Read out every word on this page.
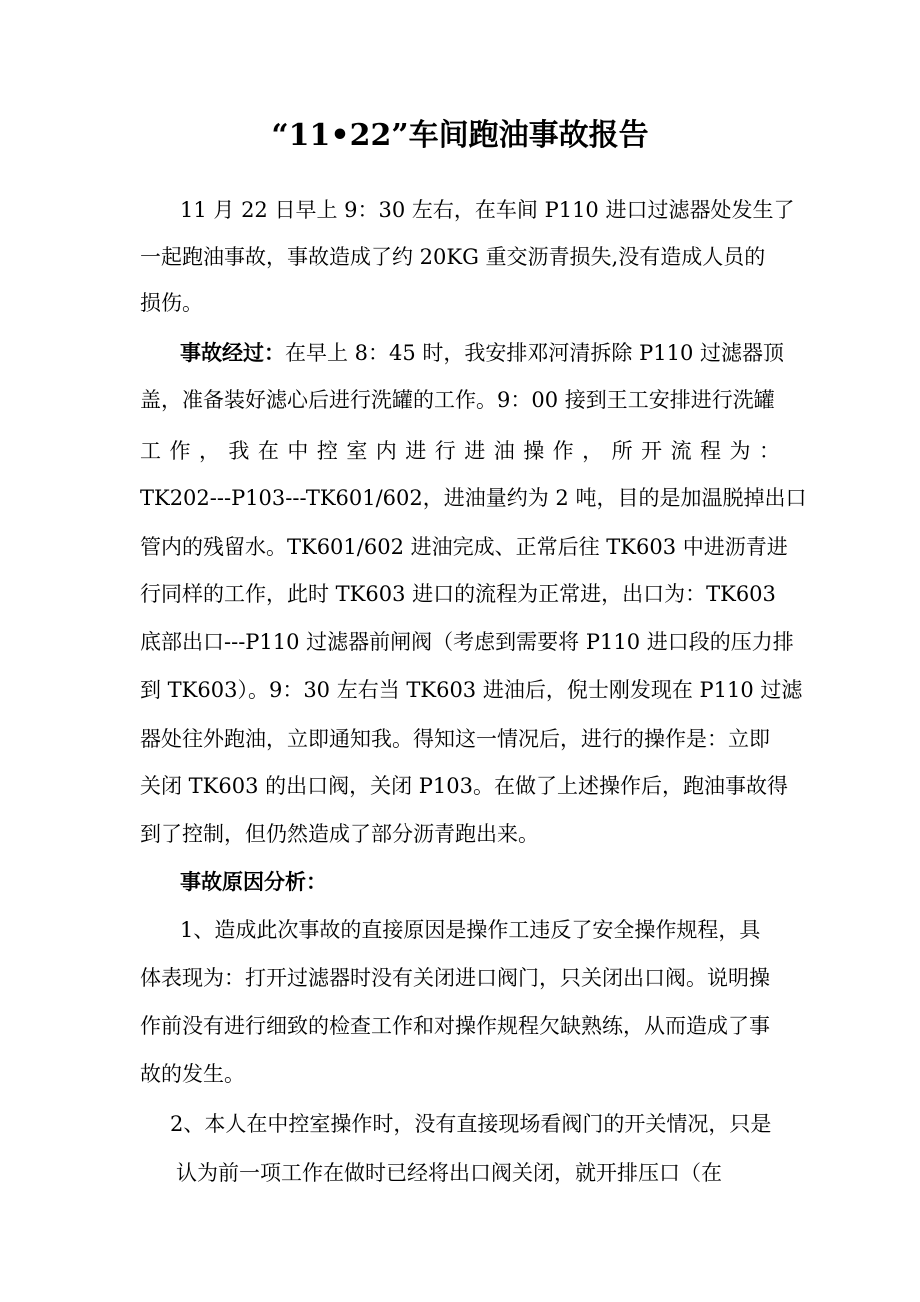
“11•22”车间跑油事故报告
11 月 22 日早上 9：30 左右，在车间 P110 进口过滤器处发生了
一起跑油事故，事故造成了约 20KG 重交沥青损失,没有造成人员的
损伤。
事故经过：在早上 8：45 时，我安排邓河清拆除 P110 过滤器顶
盖，准备装好滤心后进行洗罐的工作。9：00 接到王工安排进行洗罐
工作，我在中控室内进行进油操作，所开流程为：
TK202---P103---TK601/602，进油量约为 2 吨，目的是加温脱掉出口
管内的残留水。TK601/602 进油完成、正常后往 TK603 中进沥青进
行同样的工作，此时 TK603 进口的流程为正常进，出口为：TK603
底部出口---P110 过滤器前闸阀（考虑到需要将 P110 进口段的压力排
到 TK603）。9：30 左右当 TK603 进油后，倪士刚发现在 P110 过滤
器处往外跑油，立即通知我。得知这一情况后，进行的操作是：立即
关闭 TK603 的出口阀，关闭 P103。在做了上述操作后，跑油事故得
到了控制，但仍然造成了部分沥青跑出来。
事故原因分析：
1、造成此次事故的直接原因是操作工违反了安全操作规程，具
体表现为：打开过滤器时没有关闭进口阀门，只关闭出口阀。说明操
作前没有进行细致的检查工作和对操作规程欠缺熟练，从而造成了事
故的发生。
2、本人在中控室操作时，没有直接现场看阀门的开关情况，只是
认为前一项工作在做时已经将出口阀关闭，就开排压口（在
